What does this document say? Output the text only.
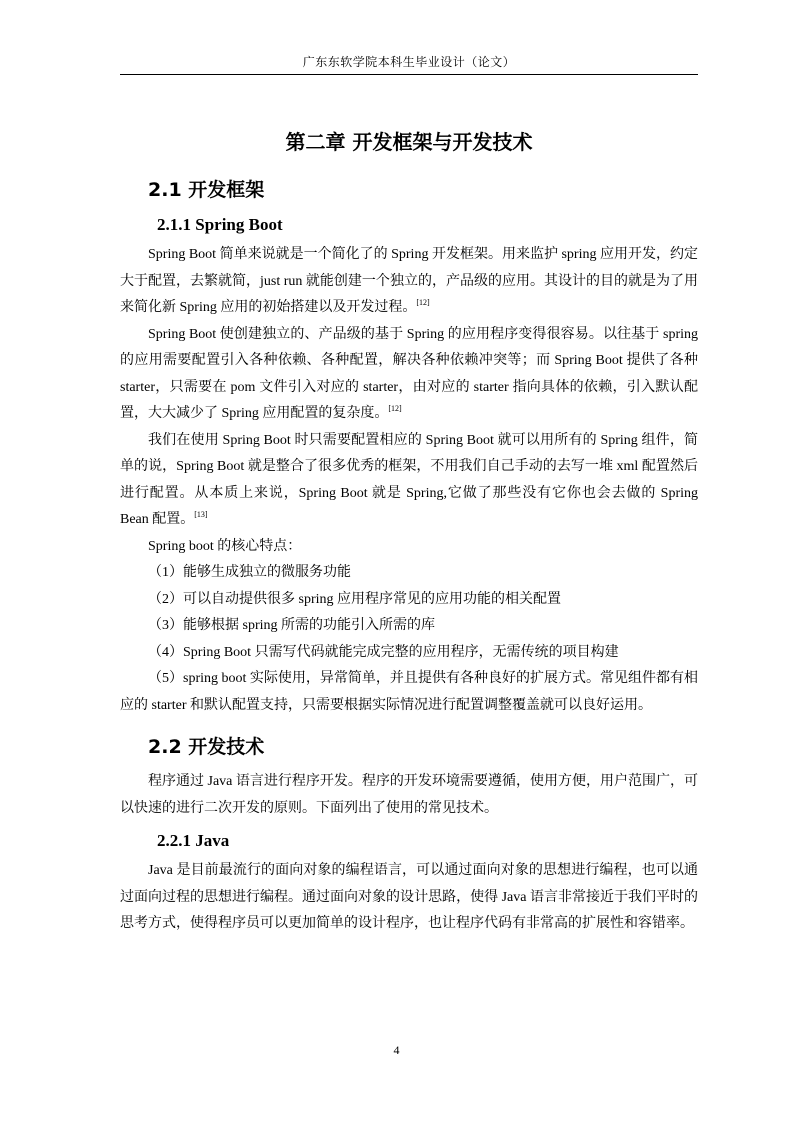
广东东软学院本科生毕业设计（论文）
第二章 开发框架与开发技术
2.1 开发框架
2.1.1 Spring Boot

Spring Boot 简单来说就是一个简化了的 Spring 开发框架。用来监护 spring 应用开发，约定大于配置，去繁就简，just run 就能创建一个独立的，产品级的应用。其设计的目的就是为了用来简化新 Spring 应用的初始搭建以及开发过程。[12]

Spring Boot 使创建独立的、产品级的基于 Spring 的应用程序变得很容易。以往基于 spring 的应用需要配置引入各种依赖、各种配置，解决各种依赖冲突等；而 Spring Boot 提供了各种 starter，只需要在 pom 文件引入对应的 starter，由对应的 starter 指向具体的依赖，引入默认配置，大大减少了 Spring 应用配置的复杂度。[12]

我们在使用 Spring Boot 时只需要配置相应的 Spring Boot 就可以用所有的 Spring 组件，简单的说，Spring Boot 就是整合了很多优秀的框架，不用我们自己手动的去写一堆 xml 配置然后进行配置。从本质上来说，Spring Boot 就是 Spring,它做了那些没有它你也会去做的 Spring Bean 配置。[13]

Spring boot 的核心特点：

（1）能够生成独立的微服务功能

（2）可以自动提供很多 spring 应用程序常见的应用功能的相关配置

（3）能够根据 spring 所需的功能引入所需的库

（4）Spring Boot 只需写代码就能完成完整的应用程序，无需传统的项目构建

（5）spring boot 实际使用，异常简单，并且提供有各种良好的扩展方式。常见组件都有相应的 starter 和默认配置支持，只需要根据实际情况进行配置调整覆盖就可以良好运用。

2.2 开发技术

程序通过 Java 语言进行程序开发。程序的开发环境需要遵循，使用方便，用户范围广，可以快速的进行二次开发的原则。下面列出了使用的常见技术。

2.2.1 Java

Java 是目前最流行的面向对象的编程语言，可以通过面向对象的思想进行编程，也可以通过面向过程的思想进行编程。通过面向对象的设计思路，使得 Java 语言非常接近于我们平时的思考方式，使得程序员可以更加简单的设计程序，也让程序代码有非常高的扩展性和容错率。

4
